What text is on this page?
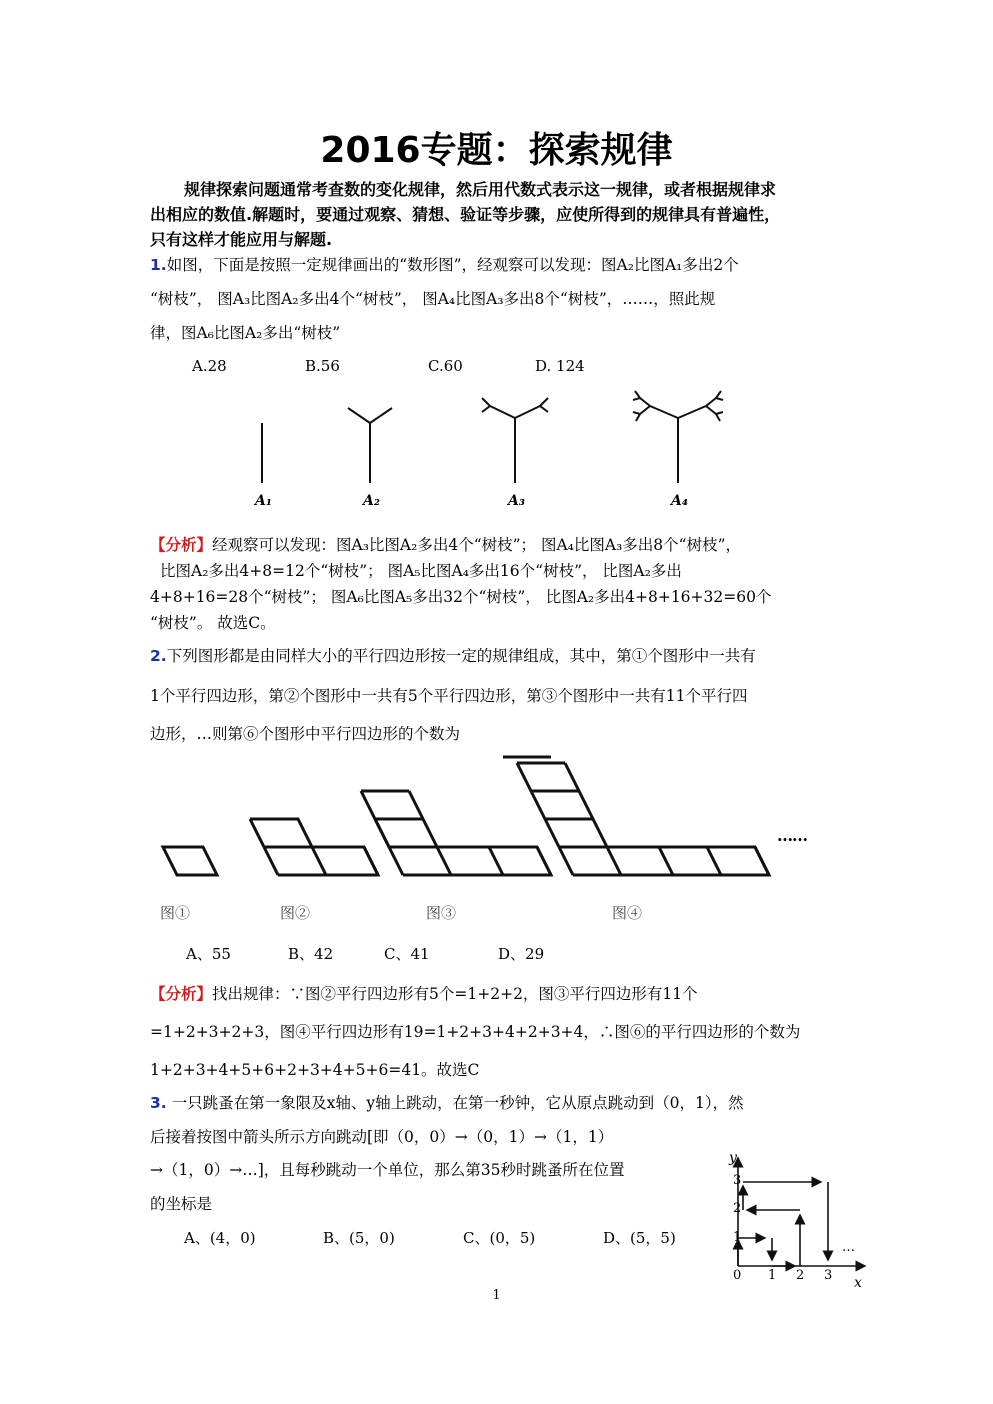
2016专题：探索规律
规律探索问题通常考查数的变化规律，然后用代数式表示这一规律，或者根据规律求
出相应的数值.解题时，要通过观察、猜想、验证等步骤，应使所得到的规律具有普遍性，
只有这样才能应用与解题.
1.如图，下面是按照一定规律画出的“数形图”，经观察可以发现：图A₂比图A₁多出2个
“树枝”， 图A₃比图A₂多出4个“树枝”， 图A₄比图A₃多出8个“树枝”，……，照此规
律，图A₆比图A₂多出“树枝”
A.28	B.56	C.60	D. 124
A₁	A₂	A₃	A₄
【分析】经观察可以发现：图A₃比图A₂多出4个“树枝”； 图A₄比图A₃多出8个“树枝”，
比图A₂多出4+8=12个“树枝”； 图A₅比图A₄多出16个“树枝”， 比图A₂多出
4+8+16=28个“树枝”； 图A₆比图A₅多出32个“树枝”， 比图A₂多出4+8+16+32=60个
“树枝”。 故选C。
2.下列图形都是由同样大小的平行四边形按一定的规律组成，其中，第①个图形中一共有
1个平行四边形，第②个图形中一共有5个平行四边形，第③个图形中一共有11个平行四
边形，…则第⑥个图形中平行四边形的个数为
……
图①	图②	图③	图④
A、55	B、42	C、41	D、29
【分析】找出规律：∵图②平行四边形有5个=1+2+2，图③平行四边形有11个
=1+2+3+2+3，图④平行四边形有19=1+2+3+4+2+3+4，∴图⑥的平行四边形的个数为
1+2+3+4+5+6+2+3+4+5+6=41。故选C
3. 一只跳蚤在第一象限及x轴、y轴上跳动，在第一秒钟，它从原点跳动到（0，1），然
后接着按图中箭头所示方向跳动[即（0，0）→（0，1）→（1，1）
→（1，0）→…]，且每秒跳动一个单位，那么第35秒时跳蚤所在位置
的坐标是
A、(4，0)	B、(5，0)	C、(0，5)	D、(5，5)
y
x
0 1 2 3
1
2
3
…
1
